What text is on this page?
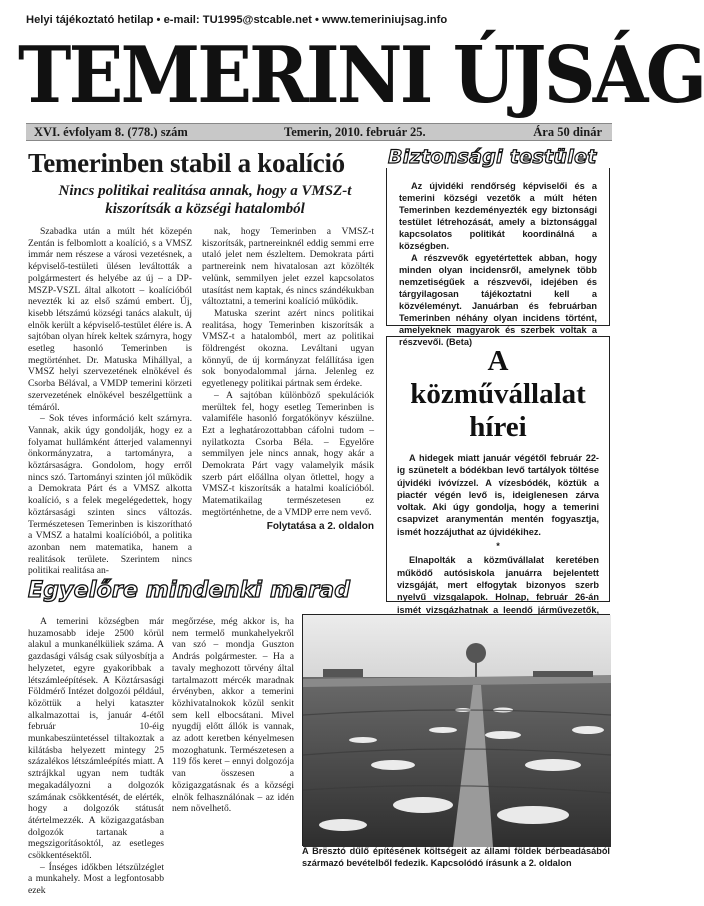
Helyi tájékoztató hetilap • e-mail: TU1995@stcable.net • www.temeriniujsag.info
TEMERINI ÚJSÁG
XVI. évfolyam 8. (778.) szám	Temerin, 2010. február 25.	Ára 50 dinár
Temerinben stabil a koalíció
Nincs politikai realitása annak, hogy a VMSZ-t kiszorítsák a községi hatalomból

Szabadka után a múlt hét közepén Zentán is felbomlott a koalíció, s a VMSZ immár nem részese a városi vezetésnek, a képviselő-testületi ülésen leváltották a polgármestert és helyébe az új – a DP-MSZP-VSZL által alkotott – koalícióból nevezték ki az első számú embert. Új, kisebb létszámú községi tanács alakult, új elnök került a képviselő-testület élére is. A sajtóban olyan hírek keltek szárnyra, hogy esetleg hasonló Temerinben is megtörténhet. Dr. Matuska Mihállyal, a VMSZ helyi szervezetének elnökével és Csorba Bélával, a VMDP temerini körzeti szervezetének elnökével beszélgettünk a témáról.

– Sok téves információ kelt szárnyra. Vannak, akik úgy gondolják, hogy ez a folyamat hullámként átterjed valamennyi önkormányzatra, a tartományra, a köztársaságra. Gondolom, hogy erről nincs szó. Tartományi szinten jól működik a Demokrata Párt és a VMSZ alkotta koalíció, s a felek megelégedettek, hogy köztársasági szinten sincs változás. Természetesen Temerinben is kiszorítható a VMSZ a hatalmi koalícióból, a politika azonban nem matematika, hanem a realitások területe. Szerintem nincs politikai realitása an-

nak, hogy Temerinben a VMSZ-t kiszorítsák, partnereinknél eddig semmi erre utaló jelet nem észleltem. Demokrata párti partnereink nem hivatalosan azt közölték velünk, semmilyen jelet ezzel kapcsolatos utasítást nem kaptak, és nincs szándékukban változtatni, a temerini koalíció működik.

Matuska szerint azért nincs politikai realitása, hogy Temerinben kiszorítsák a VMSZ-t a hatalomból, mert az politikai földrengést okozna. Leváltani ugyan könnyű, de új kormányzat felállítása igen sok bonyodalommal járna. Jelenleg ez egyetlenegy politikai pártnak sem érdeke.

– A sajtóban különböző spekulációk merültek fel, hogy esetleg Temerinben is valamiféle hasonló forgatókönyv készülne. Ezt a leghatározottabban cáfolni tudom – nyilatkozta Csorba Béla. – Egyelőre semmilyen jele nincs annak, hogy akár a Demokrata Párt vagy valamelyik másik szerb párt előállna olyan ötlettel, hogy a VMSZ-t kiszorítsák a hatalmi koalícióból. Matematikailag természetesen ez megtörténhetne, de a VMDP erre nem vevő.

Folytatása a 2. oldalon
Biztonsági testület

Az újvidéki rendőrség képviselői és a temerini községi vezetők a múlt héten Temerinben kezdeményezték egy biztonsági testület létrehozását, amely a biztonsággal kapcsolatos politikát koordinálná a községben.

A részvevők egyetértettek abban, hogy minden olyan incidensről, amelynek több nemzetiségűek a részvevői, idejében és tárgyilagosan tájékoztatni kell a közvéleményt. Januárban és februárban Temerinben néhány olyan incidens történt, amelyeknek magyarok és szerbek voltak a részvevői. (Beta)

A közművállalat hírei

A hidegek miatt január végétől február 22-ig szünetelt a bódékban levő tartályok töltése újvidéki ivóvízzel. A vízesbódék, köztük a piactér végén levő is, ideiglenesen zárva voltak. Aki úgy gondolja, hogy a temerini csapvizet aranymentán mentén fogyasztja, ismét hozzájuthat az újvidékihez.

*

Elnapolták a közművállalat keretében működő autósiskola januárra bejelentett vizsgáját, mert elfogytak bizonyos szerb nyelvű vizsgalapok. Holnap, február 26-án ismét vizsgázhatnak a leendő járművezetők,

Egyelőre mindenki marad

A temerini községben már huzamosabb ideje 2500 körül alakul a munkanélküliek száma. A gazdasági válság csak súlyosbítja a helyzetet, egyre gyakoribbak a létszámleépítések. A Köztársasági Földmérő Intézet dolgozói például, közöttük a helyi kataszter alkalmazottai is, január 4-étől február 10-éig munkabeszüntetéssel tiltakoztak a kilátásba helyezett mintegy 25 százalékos létszámleépítés miatt. A sztrájkkal ugyan nem tudták megakadályozni a dolgozók számának csökkentését, de elérték, hogy a dolgozók státusát átértelmezzék. A közigazgatásban dolgozók tartanak a megszigorításoktól, az esetleges csökkentésektől.

– Ínséges időkben létszülzéglet a munkahely. Most a legfontosabb ezek

megőrzése, még akkor is, ha nem termelő munkahelyekről van szó – mondja Guszton András polgármester. – Ha a tavaly meghozott törvény által tartalmazott mércék maradnak érvényben, akkor a temerini közhivatalnokok közül senkit sem kell elbocsátani. Mivel nyugdíj előtt állók is vannak, az adott keretben kényelmesen mozoghatunk. Természetesen a 119 fős keret – ennyi dolgozója van összesen a közigazgatásnak és a községi elnök felhasználónak – az idén nem növelhető.

A Brësztó dűlő építésének költségeit az állami földek bérbeadásából származó bevételből fedezik. Kapcsolódó írásunk a 2. oldalon
